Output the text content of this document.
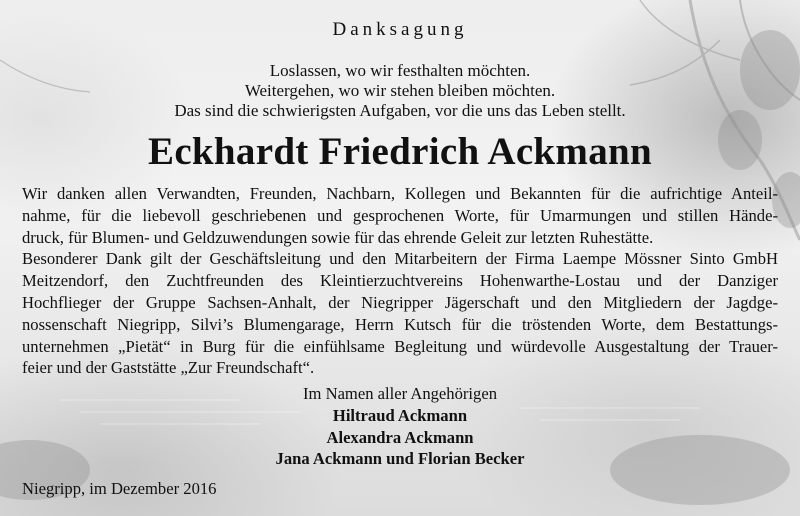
Danksagung
Loslassen, wo wir festhalten möchten.
Weitergehen, wo wir stehen bleiben möchten.
Das sind die schwierigsten Aufgaben, vor die uns das Leben stellt.
Eckhardt Friedrich Ackmann
Wir danken allen Verwandten, Freunden, Nachbarn, Kollegen und Bekannten für die aufrichtige Anteil-
nahme, für die liebevoll geschriebenen und gesprochenen Worte, für Umarmungen und stillen Hände-
druck, für Blumen- und Geldzuwendungen sowie für das ehrende Geleit zur letzten Ruhestätte.
Besonderer Dank gilt der Geschäftsleitung und den Mitarbeitern der Firma Laempe Mössner Sinto GmbH
Meitzendorf, den Zuchtfreunden des Kleintierzuchtvereins Hohenwarthe-Lostau und der Danziger
Hochflieger der Gruppe Sachsen-Anhalt, der Niegripper Jägerschaft und den Mitgliedern der Jagdge-
nossenschaft Niegripp, Silvi’s Blumengarage, Herrn Kutsch für die tröstenden Worte, dem Bestattungs-
unternehmen „Pietät“ in Burg für die einfühlsame Begleitung und würdevolle Ausgestaltung der Trauer-
feier und der Gaststätte „Zur Freundschaft“.
Im Namen aller Angehörigen
Hiltraud Ackmann
Alexandra Ackmann
Jana Ackmann und Florian Becker
Niegripp, im Dezember 2016
